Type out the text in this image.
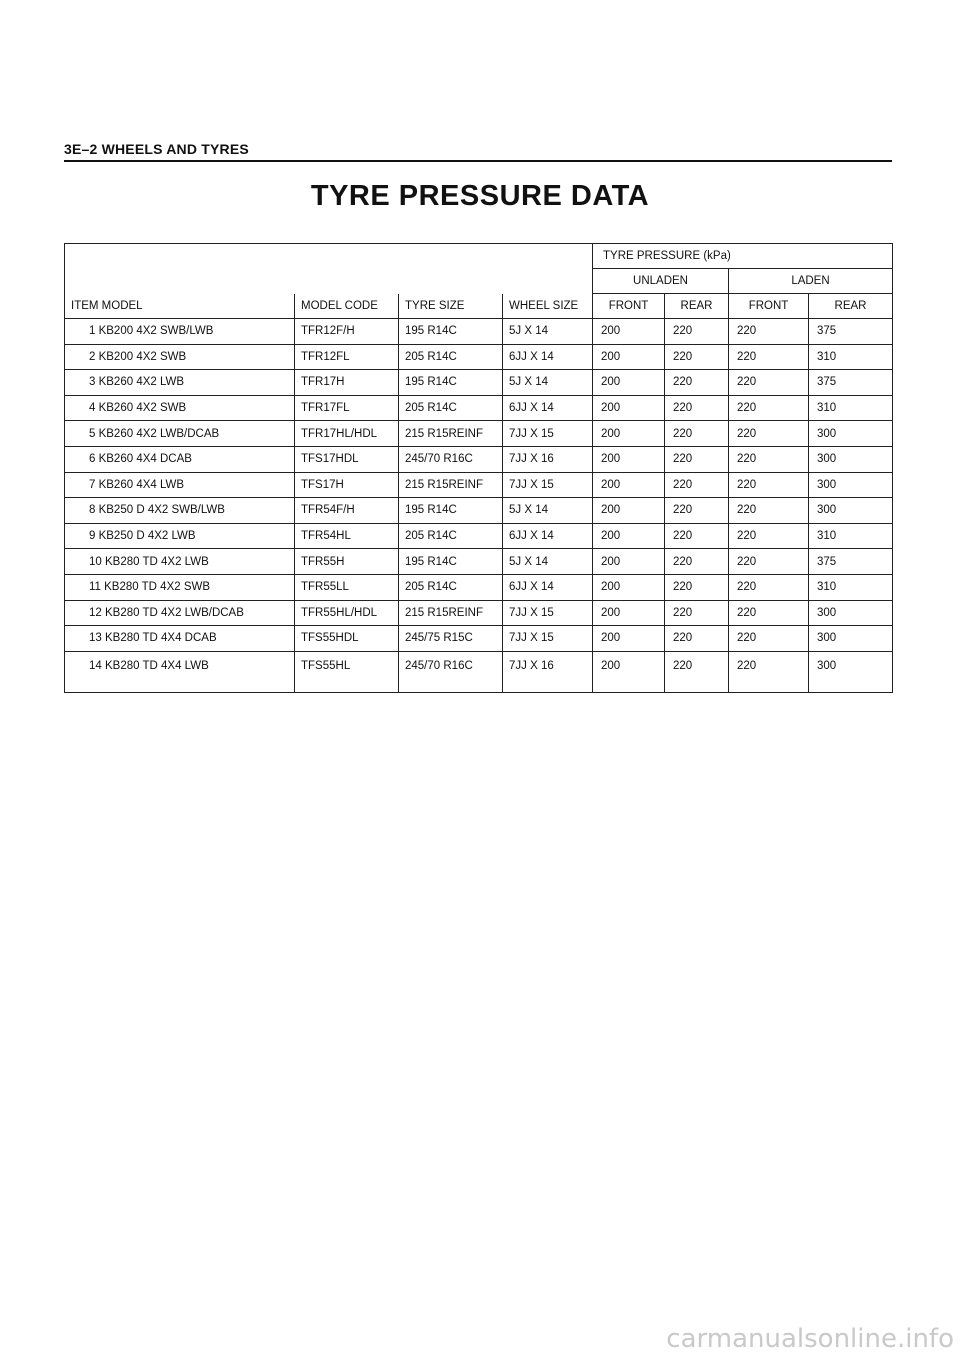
3E–2 WHEELS AND TYRES
TYRE PRESSURE DATA
				TYRE PRESSURE (kPa)			
				UNLADEN		LADEN	
ITEM MODEL	MODEL CODE	TYRE SIZE	WHEEL SIZE	FRONT	REAR	FRONT	REAR
1 KB200 4X2 SWB/LWB	TFR12F/H	195 R14C	5J X 14	200	220	220	375
2 KB200 4X2 SWB	TFR12FL	205 R14C	6JJ X 14	200	220	220	310
3 KB260 4X2 LWB	TFR17H	195 R14C	5J X 14	200	220	220	375
4 KB260 4X2 SWB	TFR17FL	205 R14C	6JJ X 14	200	220	220	310
5 KB260 4X2 LWB/DCAB	TFR17HL/HDL	215 R15REINF	7JJ X 15	200	220	220	300
6 KB260 4X4 DCAB	TFS17HDL	245/70 R16C	7JJ X 16	200	220	220	300
7 KB260 4X4 LWB	TFS17H	215 R15REINF	7JJ X 15	200	220	220	300
8 KB250 D 4X2 SWB/LWB	TFR54F/H	195 R14C	5J X 14	200	220	220	300
9 KB250 D 4X2 LWB	TFR54HL	205 R14C	6JJ X 14	200	220	220	310
10 KB280 TD 4X2 LWB	TFR55H	195 R14C	5J X 14	200	220	220	375
11 KB280 TD 4X2 SWB	TFR55LL	205 R14C	6JJ X 14	200	220	220	310
12 KB280 TD 4X2 LWB/DCAB	TFR55HL/HDL	215 R15REINF	7JJ X 15	200	220	220	300
13 KB280 TD 4X4 DCAB	TFS55HDL	245/75 R15C	7JJ X 15	200	220	220	300
14 KB280 TD 4X4 LWB	TFS55HL	245/70 R16C	7JJ X 16	200	220	220	300
carmanualsonline.info
